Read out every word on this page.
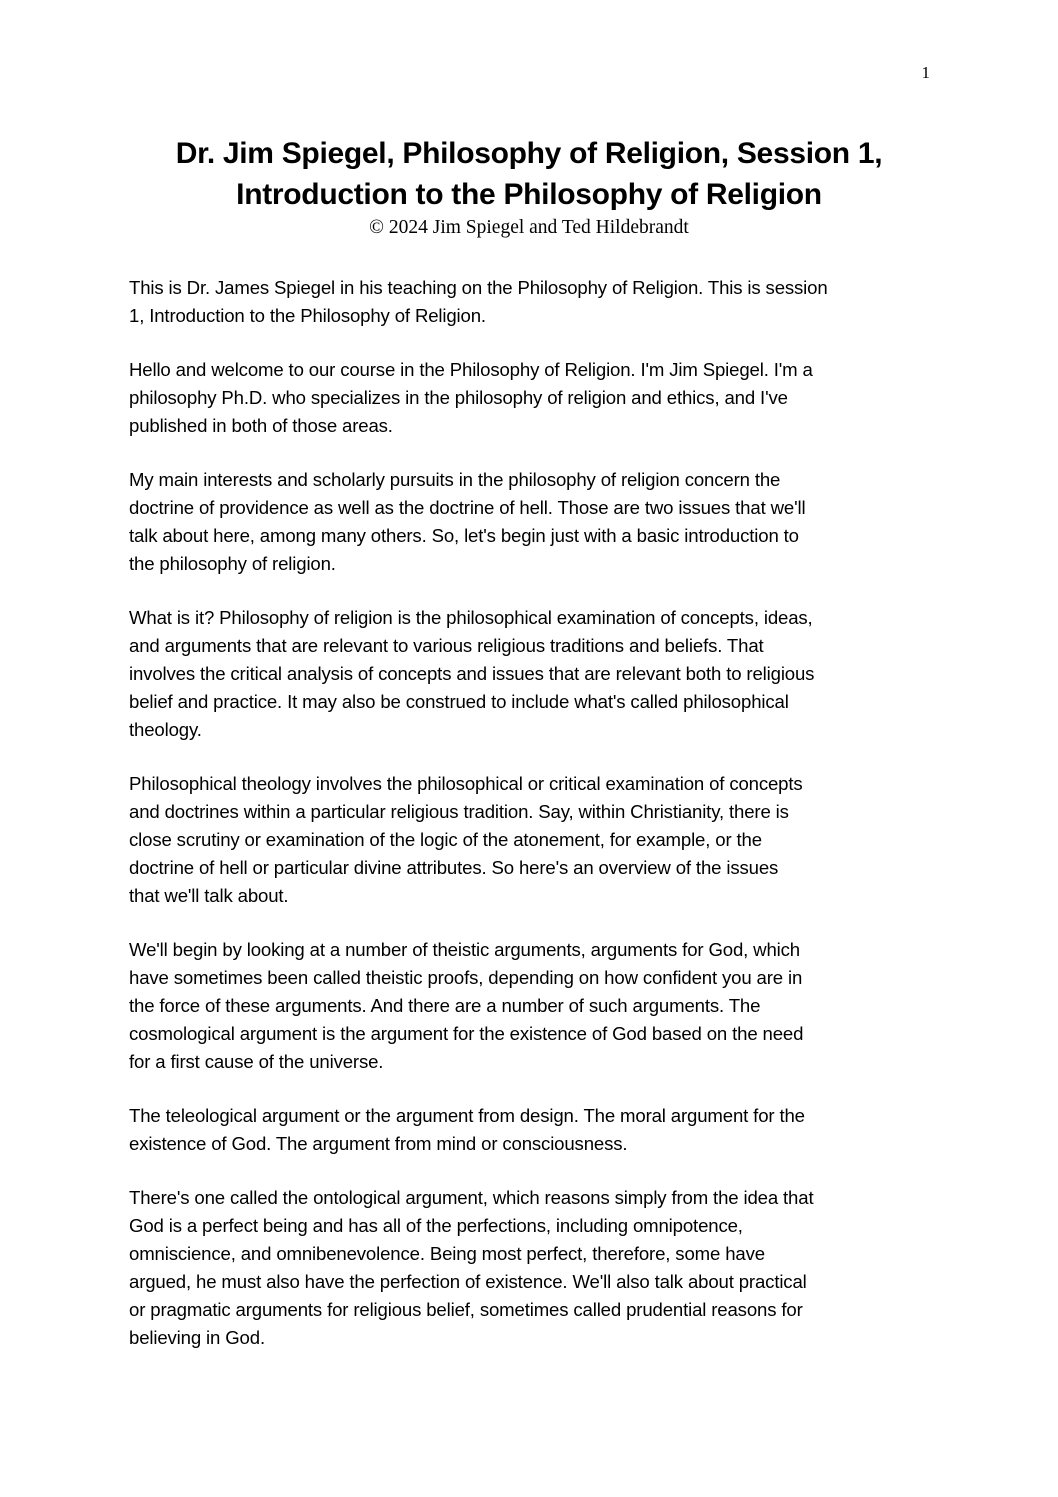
1
Dr. Jim Spiegel, Philosophy of Religion, Session 1,
Introduction to the Philosophy of Religion
© 2024 Jim Spiegel and Ted Hildebrandt

This is Dr. James Spiegel in his teaching on the Philosophy of Religion. This is session
1, Introduction to the Philosophy of Religion.

Hello and welcome to our course in the Philosophy of Religion. I'm Jim Spiegel. I'm a
philosophy Ph.D. who specializes in the philosophy of religion and ethics, and I've
published in both of those areas.

My main interests and scholarly pursuits in the philosophy of religion concern the
doctrine of providence as well as the doctrine of hell. Those are two issues that we'll
talk about here, among many others. So, let's begin just with a basic introduction to
the philosophy of religion.

What is it? Philosophy of religion is the philosophical examination of concepts, ideas,
and arguments that are relevant to various religious traditions and beliefs. That
involves the critical analysis of concepts and issues that are relevant both to religious
belief and practice. It may also be construed to include what's called philosophical
theology.

Philosophical theology involves the philosophical or critical examination of concepts
and doctrines within a particular religious tradition. Say, within Christianity, there is
close scrutiny or examination of the logic of the atonement, for example, or the
doctrine of hell or particular divine attributes. So here's an overview of the issues
that we'll talk about.

We'll begin by looking at a number of theistic arguments, arguments for God, which
have sometimes been called theistic proofs, depending on how confident you are in
the force of these arguments. And there are a number of such arguments. The
cosmological argument is the argument for the existence of God based on the need
for a first cause of the universe.

The teleological argument or the argument from design. The moral argument for the
existence of God. The argument from mind or consciousness.

There's one called the ontological argument, which reasons simply from the idea that
God is a perfect being and has all of the perfections, including omnipotence,
omniscience, and omnibenevolence. Being most perfect, therefore, some have
argued, he must also have the perfection of existence. We'll also talk about practical
or pragmatic arguments for religious belief, sometimes called prudential reasons for
believing in God.
